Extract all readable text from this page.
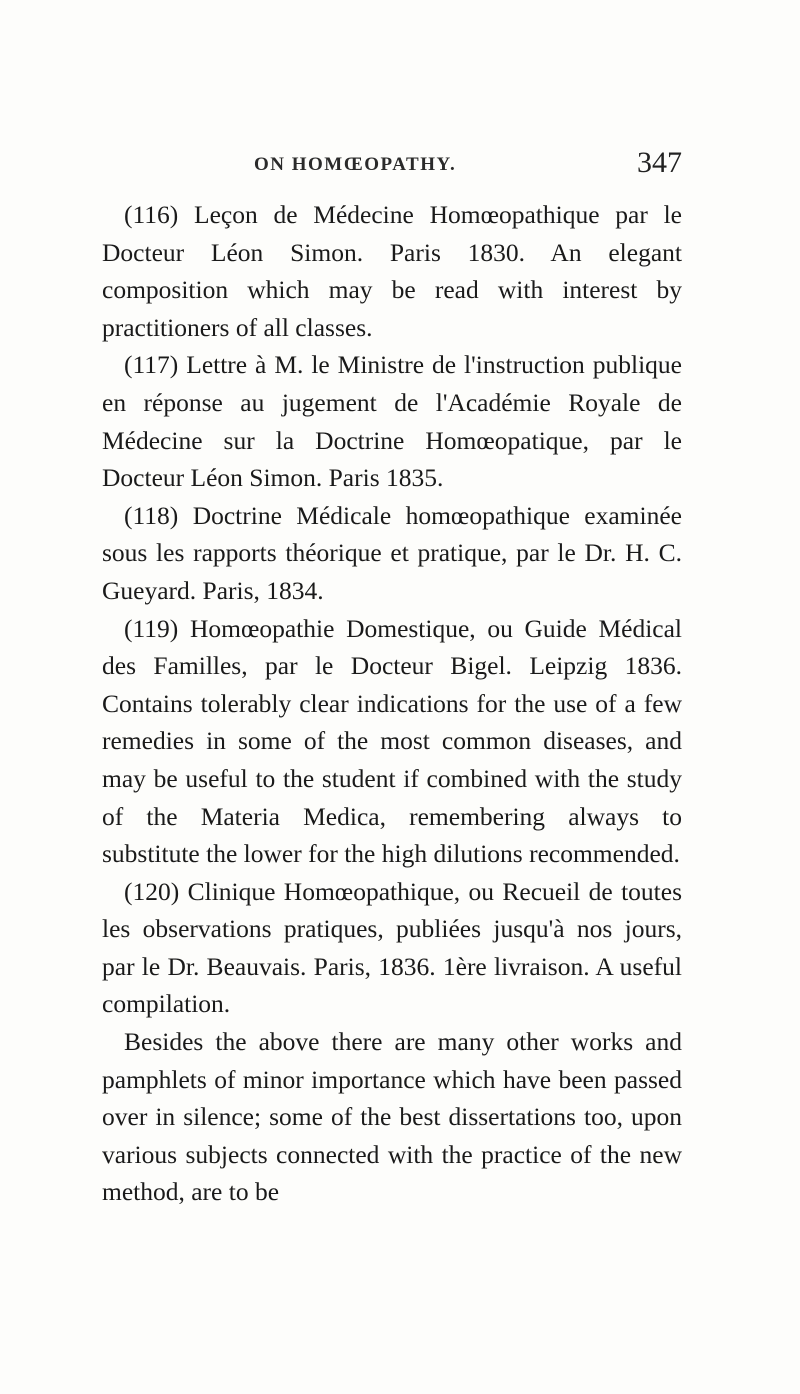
ON HOMŒOPATHY.	347

(116) Leçon de Médecine Homœopathique par le Docteur Léon Simon. Paris 1830. An elegant composition which may be read with interest by practitioners of all classes.

(117) Lettre à M. le Ministre de l'instruction publique en réponse au jugement de l'Académie Royale de Médecine sur la Doctrine Homœopatique, par le Docteur Léon Simon. Paris 1835.

(118) Doctrine Médicale homœopathique examinée sous les rapports théorique et pratique, par le Dr. H. C. Gueyard. Paris, 1834.

(119) Homœopathie Domestique, ou Guide Médical des Familles, par le Docteur Bigel. Leipzig 1836. Contains tolerably clear indications for the use of a few remedies in some of the most common diseases, and may be useful to the student if combined with the study of the Materia Medica, remembering always to substitute the lower for the high dilutions recommended.

(120) Clinique Homœopathique, ou Recueil de toutes les observations pratiques, publiées jusqu'à nos jours, par le Dr. Beauvais. Paris, 1836. 1ère livraison. A useful compilation.

Besides the above there are many other works and pamphlets of minor importance which have been passed over in silence; some of the best dissertations too, upon various subjects connected with the practice of the new method, are to be
